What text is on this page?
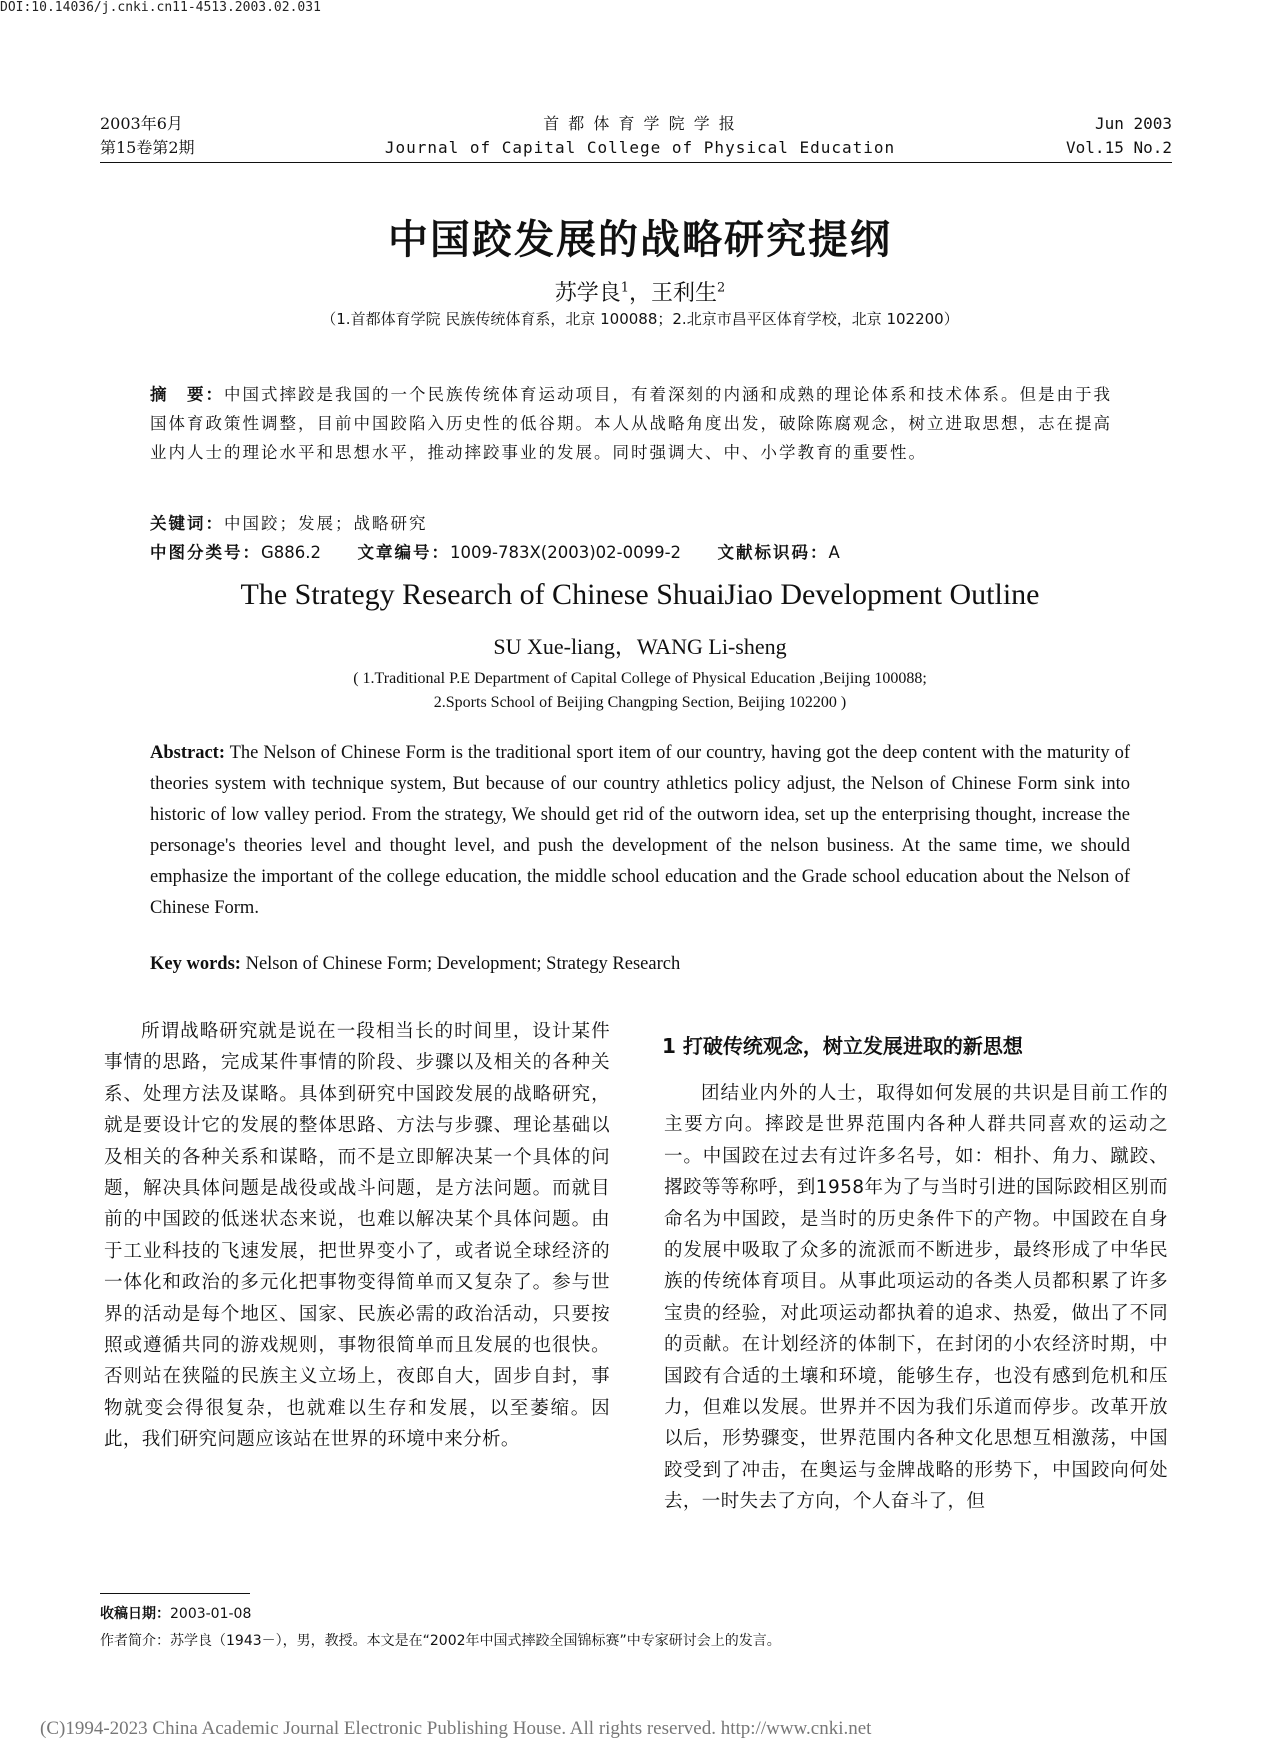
DOI:10.14036/j.cnki.cn11-4513.2003.02.031
2003年6月
第15卷第2期
首 都 体 育 学 院 学 报
Journal of Capital College of Physical Education
Jun 2003
Vol.15 No.2
中国跤发展的战略研究提纲
苏学良$^1$，王利生$^2$
（1.首都体育学院 民族传统体育系，北京 100088；2.北京市昌平区体育学校，北京 102200）
摘　要：中国式摔跤是我国的一个民族传统体育运动项目，有着深刻的内涵和成熟的理论体系和技术体系。但是由于我国体育政策性调整，目前中国跤陷入历史性的低谷期。本人从战略角度出发，破除陈腐观念，树立进取思想，志在提高业内人士的理论水平和思想水平，推动摔跤事业的发展。同时强调大、中、小学教育的重要性。
关键词：中国跤；发展；战略研究
中图分类号：G886.2 文章编号：1009-783X(2003)02-0099-2 文献标识码：A
The Strategy Research of Chinese ShuaiJiao Development Outline
SU Xue-liang，WANG Li-sheng
( 1.Traditional P.E Department of Capital College of Physical Education ,Beijing 100088;
2.Sports School of Beijing Changping Section, Beijing 102200 )
Abstract: The Nelson of Chinese Form is the traditional sport item of our country, having got the deep content with the maturity of theories system with technique system, But because of our country athletics policy adjust, the Nelson of Chinese Form sink into historic of low valley period. From the strategy, We should get rid of the outworn idea, set up the enterprising thought, increase the personage's theories level and thought level, and push the development of the nelson business. At the same time, we should emphasize the important of the college education, the middle school education and the Grade school education about the Nelson of Chinese Form.
Key words: Nelson of Chinese Form; Development; Strategy Research

所谓战略研究就是说在一段相当长的时间里，设计某件事情的思路，完成某件事情的阶段、步骤以及相关的各种关系、处理方法及谋略。具体到研究中国跤发展的战略研究，就是要设计它的发展的整体思路、方法与步骤、理论基础以及相关的各种关系和谋略，而不是立即解决某一个具体的问题，解决具体问题是战役或战斗问题，是方法问题。而就目前的中国跤的低迷状态来说，也难以解决某个具体问题。由于工业科技的飞速发展，把世界变小了，或者说全球经济的一体化和政治的多元化把事物变得简单而又复杂了。参与世界的活动是每个地区、国家、民族必需的政治活动，只要按照或遵循共同的游戏规则，事物很简单而且发展的也很快。否则站在狭隘的民族主义立场上，夜郎自大，固步自封，事物就变会得很复杂，也就难以生存和发展，以至萎缩。因此，我们研究问题应该站在世界的环境中来分析。

1 打破传统观念，树立发展进取的新思想

团结业内外的人士，取得如何发展的共识是目前工作的主要方向。摔跤是世界范围内各种人群共同喜欢的运动之一。中国跤在过去有过许多名号，如：相扑、角力、蹴跤、撂跤等等称呼，到1958年为了与当时引进的国际跤相区别而命名为中国跤，是当时的历史条件下的产物。中国跤在自身的发展中吸取了众多的流派而不断进步，最终形成了中华民族的传统体育项目。从事此项运动的各类人员都积累了许多宝贵的经验，对此项运动都执着的追求、热爱，做出了不同的贡献。在计划经济的体制下，在封闭的小农经济时期，中国跤有合适的土壤和环境，能够生存，也没有感到危机和压力，但难以发展。世界并不因为我们乐道而停步。改革开放以后，形势骤变，世界范围内各种文化思想互相激荡，中国跤受到了冲击，在奥运与金牌战略的形势下，中国跤向何处去，一时失去了方向，个人奋斗了，但

收稿日期：2003-01-08
作者简介：苏学良（1943－），男，教授。本文是在“2002年中国式摔跤全国锦标赛”中专家研讨会上的发言。
(C)1994-2023 China Academic Journal Electronic Publishing House. All rights reserved. http://www.cnki.net
